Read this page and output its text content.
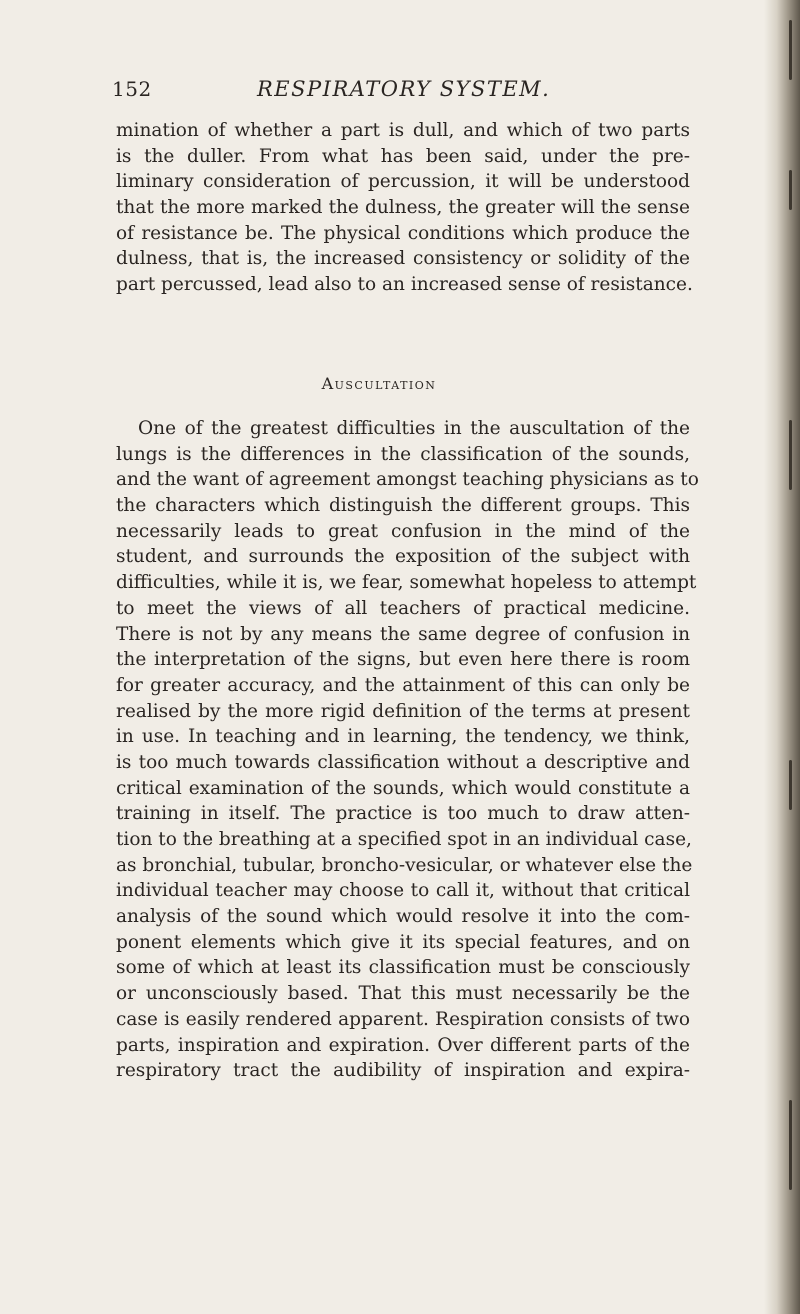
152	RESPIRATORY SYSTEM.
mination of whether a part is dull, and which of two parts
is the duller. From what has been said, under the pre-
liminary consideration of percussion, it will be understood
that the more marked the dulness, the greater will the sense
of resistance be. The physical conditions which produce the
dulness, that is, the increased consistency or solidity of the
part percussed, lead also to an increased sense of resistance.
Auscultation
One of the greatest difficulties in the auscultation of the
lungs is the differences in the classification of the sounds,
and the want of agreement amongst teaching physicians as to
the characters which distinguish the different groups. This
necessarily leads to great confusion in the mind of the
student, and surrounds the exposition of the subject with
difficulties, while it is, we fear, somewhat hopeless to attempt
to meet the views of all teachers of practical medicine.
There is not by any means the same degree of confusion in
the interpretation of the signs, but even here there is room
for greater accuracy, and the attainment of this can only be
realised by the more rigid definition of the terms at present
in use. In teaching and in learning, the tendency, we think,
is too much towards classification without a descriptive and
critical examination of the sounds, which would constitute a
training in itself. The practice is too much to draw atten-
tion to the breathing at a specified spot in an individual case,
as bronchial, tubular, broncho-vesicular, or whatever else the
individual teacher may choose to call it, without that critical
analysis of the sound which would resolve it into the com-
ponent elements which give it its special features, and on
some of which at least its classification must be consciously
or unconsciously based. That this must necessarily be the
case is easily rendered apparent. Respiration consists of two
parts, inspiration and expiration. Over different parts of the
respiratory tract the audibility of inspiration and expira-
